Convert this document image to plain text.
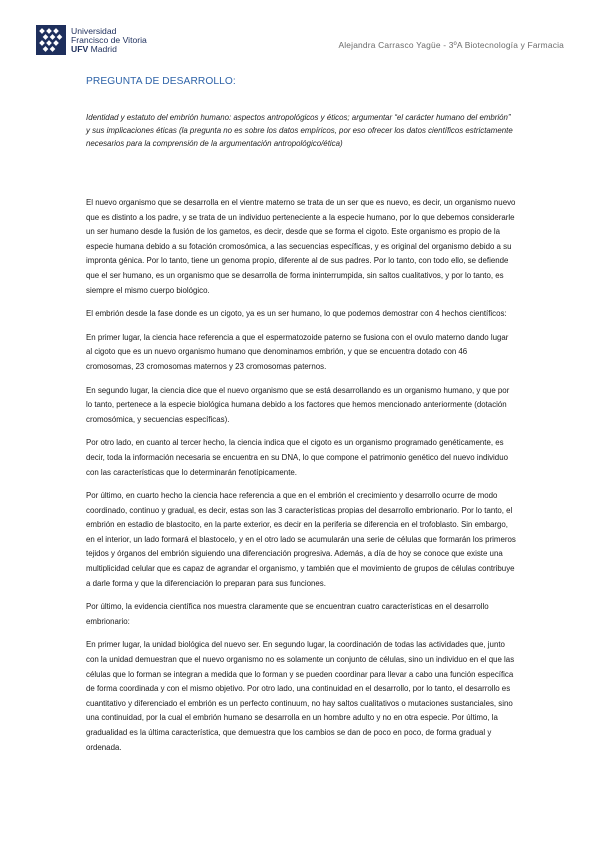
Universidad
Francisco de Vitoria
UFV Madrid	Alejandra Carrasco Yagüe - 3ºA Biotecnología y Farmacia
PREGUNTA DE DESARROLLO:
Identidad y estatuto del embrión humano: aspectos antropológicos y éticos; argumentar “el carácter humano del embrión” y sus implicaciones éticas (la pregunta no es sobre los datos empíricos, por eso ofrecer los datos científicos estrictamente necesarios para la comprensión de la argumentación antropológico/ética)

El nuevo organismo que se desarrolla en el vientre materno se trata de un ser que es nuevo, es decir, un organismo nuevo que es distinto a los padre, y se trata de un individuo perteneciente a la especie humano, por lo que debemos considerarle un ser humano desde la fusión de los gametos, es decir, desde que se forma el cigoto. Este organismo es propio de la especie humana debido a su fotación cromosómica, a las secuencias específicas, y es original del organismo debido a su impronta génica. Por lo tanto, tiene un genoma propio, diferente al de sus padres. Por lo tanto, con todo ello, se defiende que el ser humano, es un organismo que se desarrolla de forma ininterrumpida, sin saltos cualitativos, y por lo tanto, es siempre el mismo cuerpo biológico.

El embrión desde la fase donde es un cigoto, ya es un ser humano, lo que podemos demostrar con 4 hechos científicos:

En primer lugar, la ciencia hace referencia a que el espermatozoide paterno se fusiona con el ovulo materno dando lugar al cigoto que es un nuevo organismo humano que denominamos embrión, y que se encuentra dotado con 46 cromosomas, 23 cromosomas maternos y 23 cromosomas paternos.

En segundo lugar, la ciencia dice que el nuevo organismo que se está desarrollando es un organismo humano, y que por lo tanto, pertenece a la especie biológica humana debido a los factores que hemos mencionado anteriormente (dotación cromosómica, y secuencias específicas).

Por otro lado, en cuanto al tercer hecho, la ciencia indica que el cigoto es un organismo programado genéticamente, es decir, toda la información necesaria se encuentra en su DNA, lo que compone el patrimonio genético del nuevo individuo con las características que lo determinarán fenotípicamente.

Por último, en cuarto hecho la ciencia hace referencia a que en el embrión el crecimiento y desarrollo ocurre de modo coordinado, continuo y gradual, es decir, estas son las 3 características propias del desarrollo embrionario. Por lo tanto, el embrión en estadio de blastocito, en la parte exterior, es decir en la periferia se diferencia en el trofoblasto. Sin embargo, en el interior, un lado formará el blastocelo, y en el otro lado se acumularán una serie de células que formarán los primeros tejidos y órganos del embrión siguiendo una diferenciación progresiva. Además, a día de hoy se conoce que existe una multiplicidad celular que es capaz de agrandar el organismo, y también que el movimiento de grupos de células contribuye a darle forma y que la diferenciación lo preparan para sus funciones.

Por último, la evidencia científica nos muestra claramente que se encuentran cuatro características en el desarrollo embrionario:

En primer lugar, la unidad biológica del nuevo ser. En segundo lugar, la coordinación de todas las actividades que, junto con la unidad demuestran que el nuevo organismo no es solamente un conjunto de células, sino un individuo en el que las células que lo forman se integran a medida que lo forman y se pueden coordinar para llevar a cabo una función específica de forma coordinada y con el mismo objetivo. Por otro lado, una continuidad en el desarrollo, por lo tanto, el desarrollo es cuantitativo y diferenciado el embrión es un perfecto continuum, no hay saltos cualitativos o mutaciones sustanciales, sino una continuidad, por la cual el embrión humano se desarrolla en un hombre adulto y no en otra especie. Por último, la gradualidad es la última característica, que demuestra que los cambios se dan de poco en poco, de forma gradual y ordenada.
